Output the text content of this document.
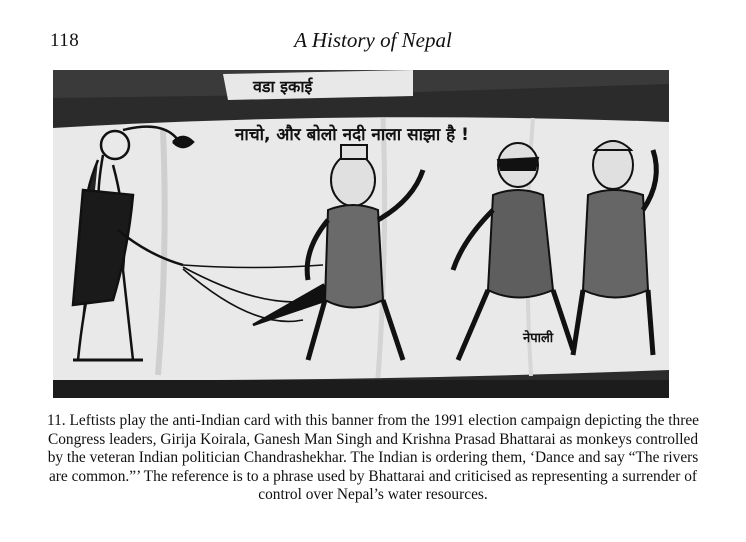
118	A History of Nepal
वडा इकाई
नाचो, और बोलो नदी नाला साझा है !
नेपाली
11. Leftists play the anti-Indian card with this banner from the 1991 election campaign depicting the three Congress leaders, Girija Koirala, Ganesh Man Singh and Krishna Prasad Bhattarai as monkeys controlled by the veteran Indian politician Chandrashekhar. The Indian is ordering them, ‘Dance and say “The rivers are common.”’ The reference is to a phrase used by Bhattarai and criticised as representing a surrender of control over Nepal’s water resources.
